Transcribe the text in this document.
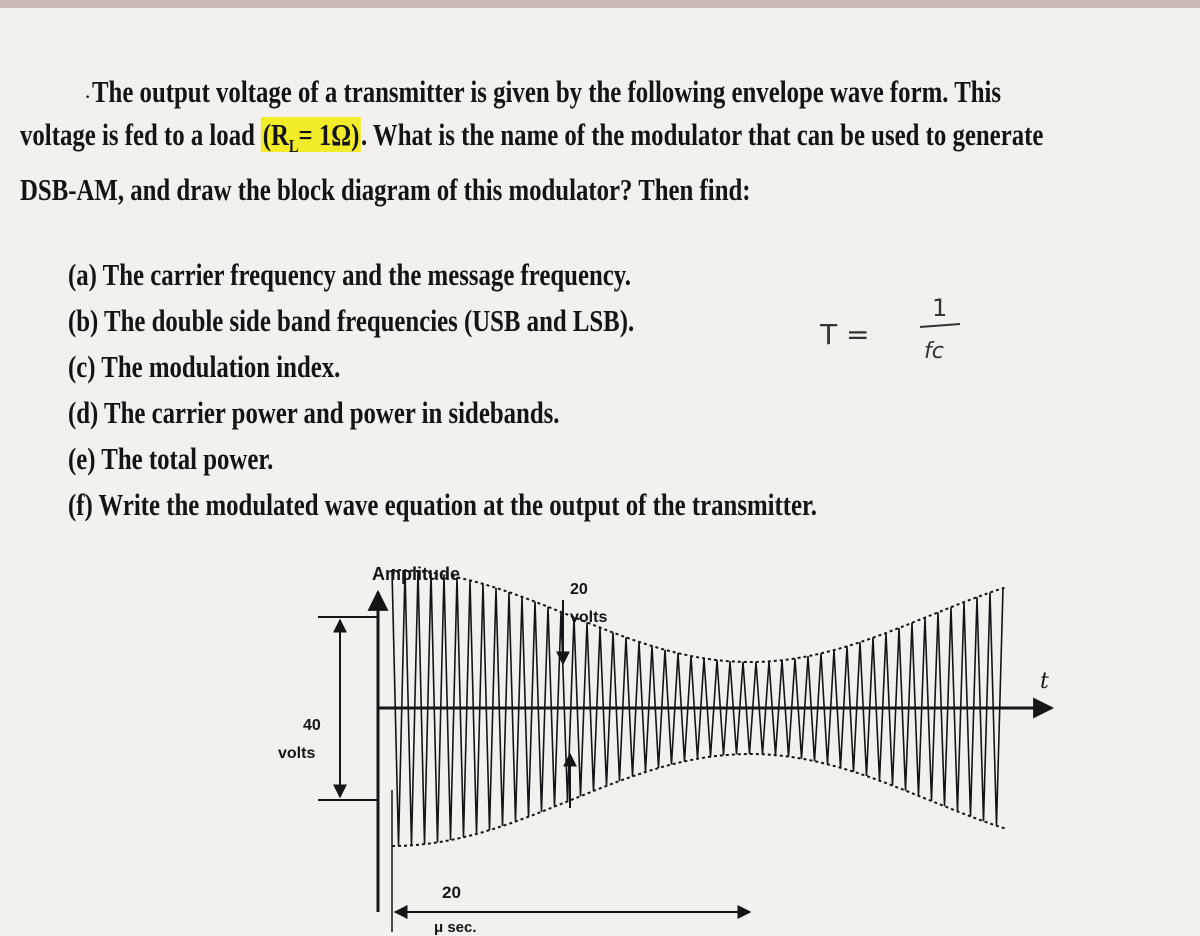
· The output voltage of a transmitter is given by the following envelope wave form. This
voltage is fed to a load $(R_L= 1\Omega)$. What is the name of the modulator that can be used to generate
DSB-AM, and draw the block diagram of this modulator? Then find:
(a) The carrier frequency and the message frequency.
(b) The double side band frequencies (USB and LSB).
(c) The modulation index.
(d) The carrier power and power in sidebands.
(e) The total power.
(f) Write the modulated wave equation at the output of the transmitter.
T =
1
fc
40
volts
20
volts
20
μ sec.
Amplitude
t
